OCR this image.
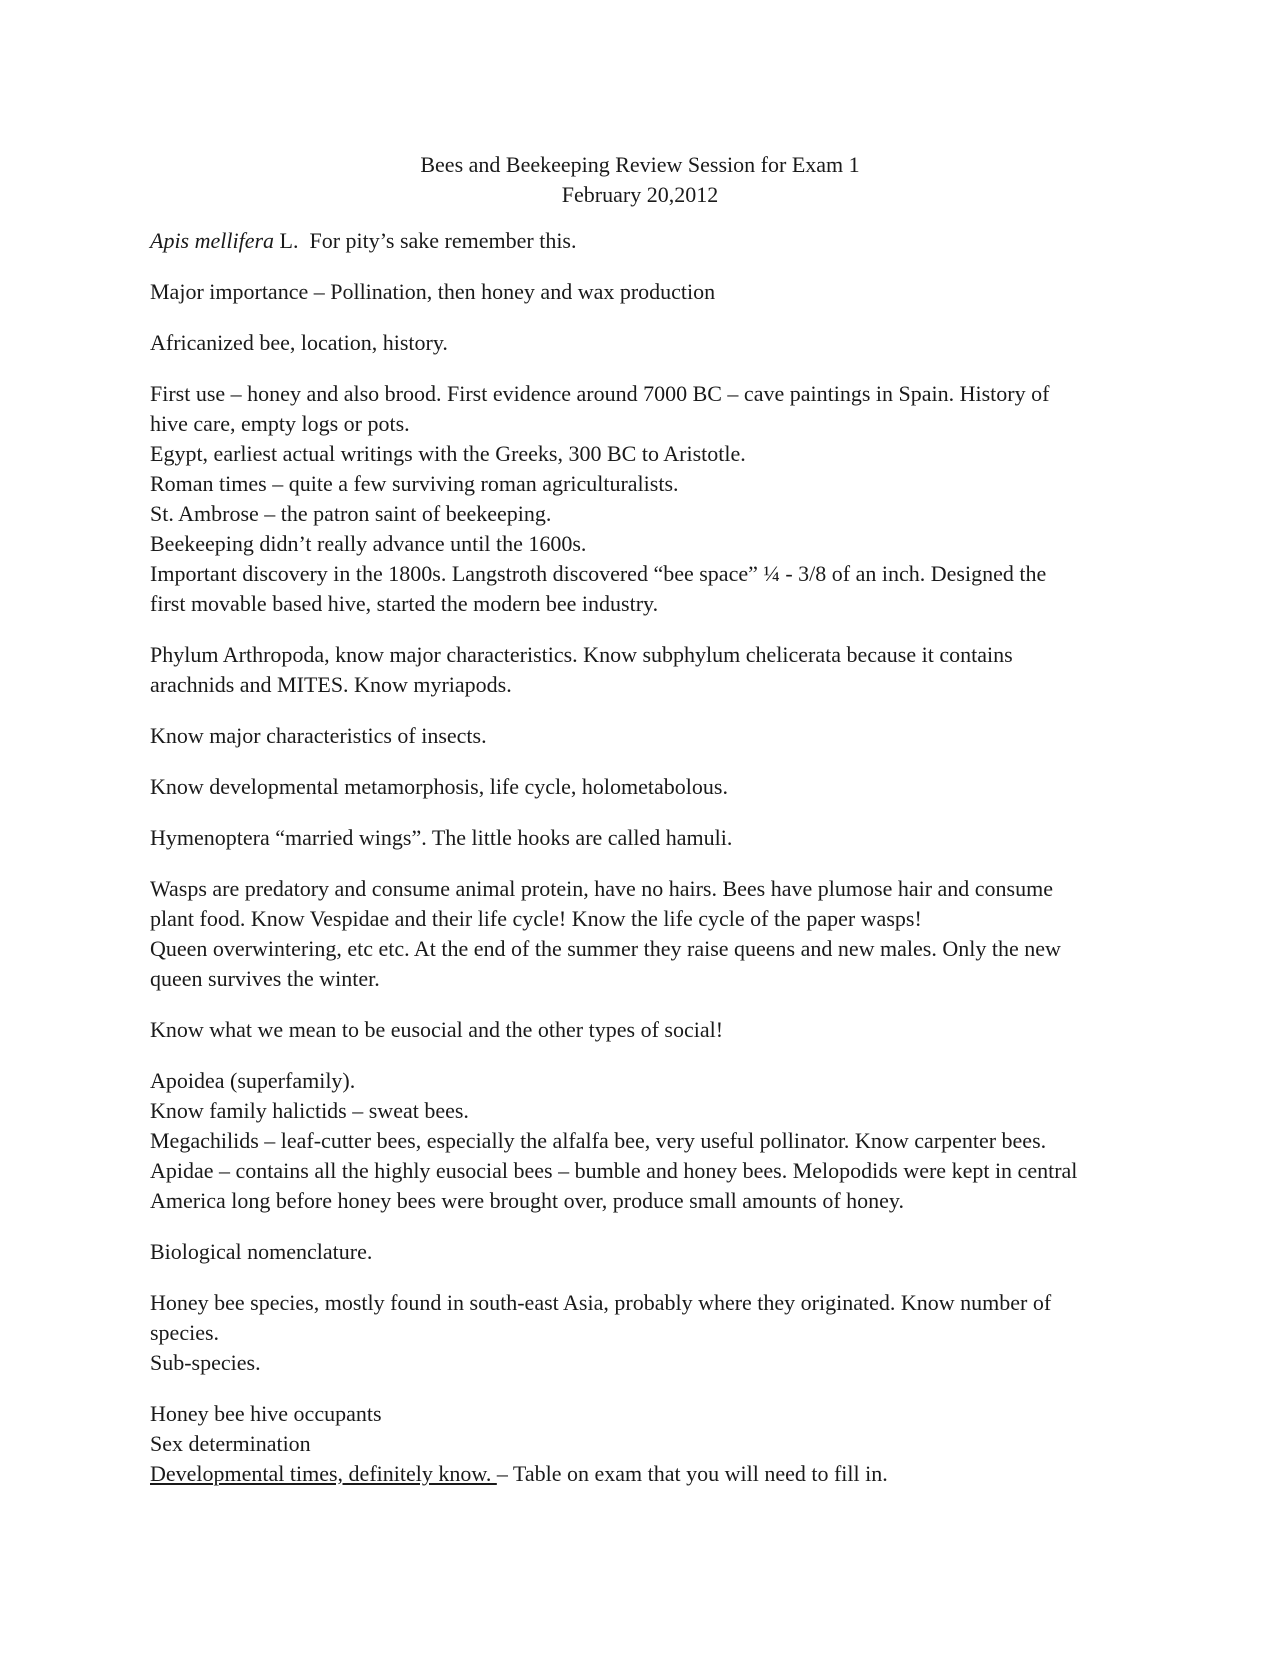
Bees and Beekeeping Review Session for Exam 1
February 20,2012
Apis mellifera L.  For pity’s sake remember this.
Major importance – Pollination, then honey and wax production
Africanized bee, location, history.
First use – honey and also brood. First evidence around 7000 BC – cave paintings in Spain. History of
hive care, empty logs or pots.
Egypt, earliest actual writings with the Greeks, 300 BC to Aristotle.
Roman times – quite a few surviving roman agriculturalists.
St. Ambrose – the patron saint of beekeeping.
Beekeeping didn’t really advance until the 1600s.
Important discovery in the 1800s. Langstroth discovered “bee space” ¼ - 3/8 of an inch. Designed the
first movable based hive, started the modern bee industry.
Phylum Arthropoda, know major characteristics. Know subphylum chelicerata because it contains
arachnids and MITES. Know myriapods.
Know major characteristics of insects.
Know developmental metamorphosis, life cycle, holometabolous.
Hymenoptera “married wings”. The little hooks are called hamuli.
Wasps are predatory and consume animal protein, have no hairs. Bees have plumose hair and consume
plant food. Know Vespidae and their life cycle! Know the life cycle of the paper wasps!
Queen overwintering, etc etc. At the end of the summer they raise queens and new males. Only the new
queen survives the winter.
Know what we mean to be eusocial and the other types of social!
Apoidea (superfamily).
Know family halictids – sweat bees.
Megachilids – leaf-cutter bees, especially the alfalfa bee, very useful pollinator. Know carpenter bees.
Apidae – contains all the highly eusocial bees – bumble and honey bees. Melopodids were kept in central
America long before honey bees were brought over, produce small amounts of honey.
Biological nomenclature.
Honey bee species, mostly found in south-east Asia, probably where they originated. Know number of
species.
Sub-species.
Honey bee hive occupants
Sex determination
Developmental times, definitely know. – Table on exam that you will need to fill in.
